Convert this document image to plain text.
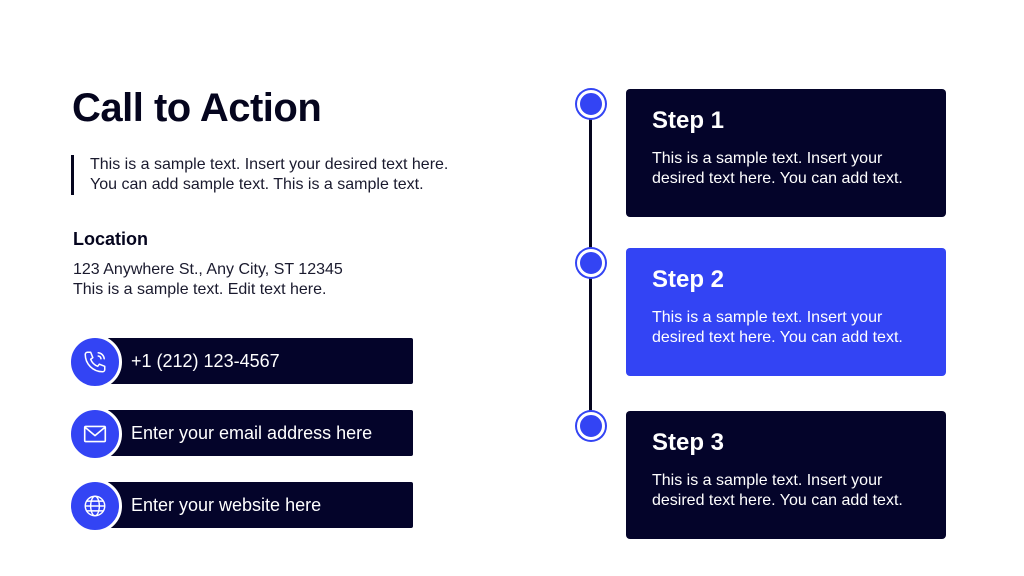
Call to Action

This is a sample text. Insert your desired text here.

You can add sample text. This is a sample text.

Location

123 Anywhere St., Any City, ST 12345

This is a sample text. Edit text here.

+1 (212) 123-4567
Enter your email address here
Enter your website here
Step 1

This is a sample text. Insert your

desired text here. You can add text.

Step 2

This is a sample text. Insert your

desired text here. You can add text.

Step 3

This is a sample text. Insert your

desired text here. You can add text.
